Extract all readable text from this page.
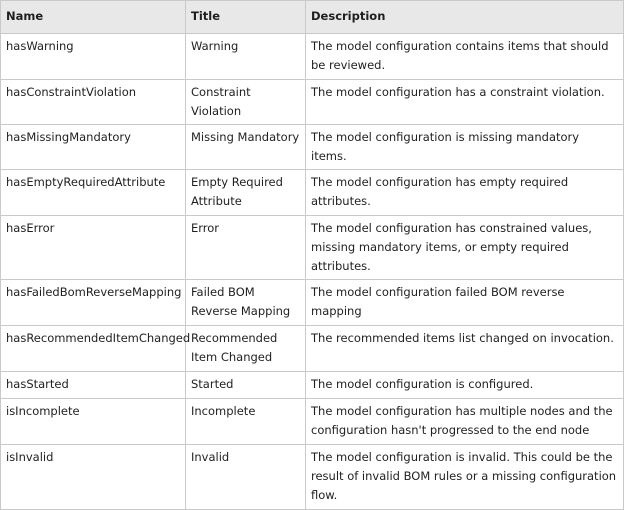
Name	Title	Description
hasWarning	Warning	The model configuration contains items that should be reviewed.
hasConstraintViolation	Constraint Violation	The model configuration has a constraint violation.
hasMissingMandatory	Missing Mandatory	The model configuration is missing mandatory items.
hasEmptyRequiredAttribute	Empty Required Attribute	The model configuration has empty required attributes.
hasError	Error	The model configuration has constrained values, missing mandatory items, or empty required attributes.
hasFailedBomReverseMapping	Failed BOM Reverse Mapping	The model configuration failed BOM reverse mapping
hasRecommendedItemChanged	Recommended Item Changed	The recommended items list changed on invocation.
hasStarted	Started	The model configuration is configured.
isIncomplete	Incomplete	The model configuration has multiple nodes and the configuration hasn't progressed to the end node
isInvalid	Invalid	The model configuration is invalid. This could be the result of invalid BOM rules or a missing configuration flow.
